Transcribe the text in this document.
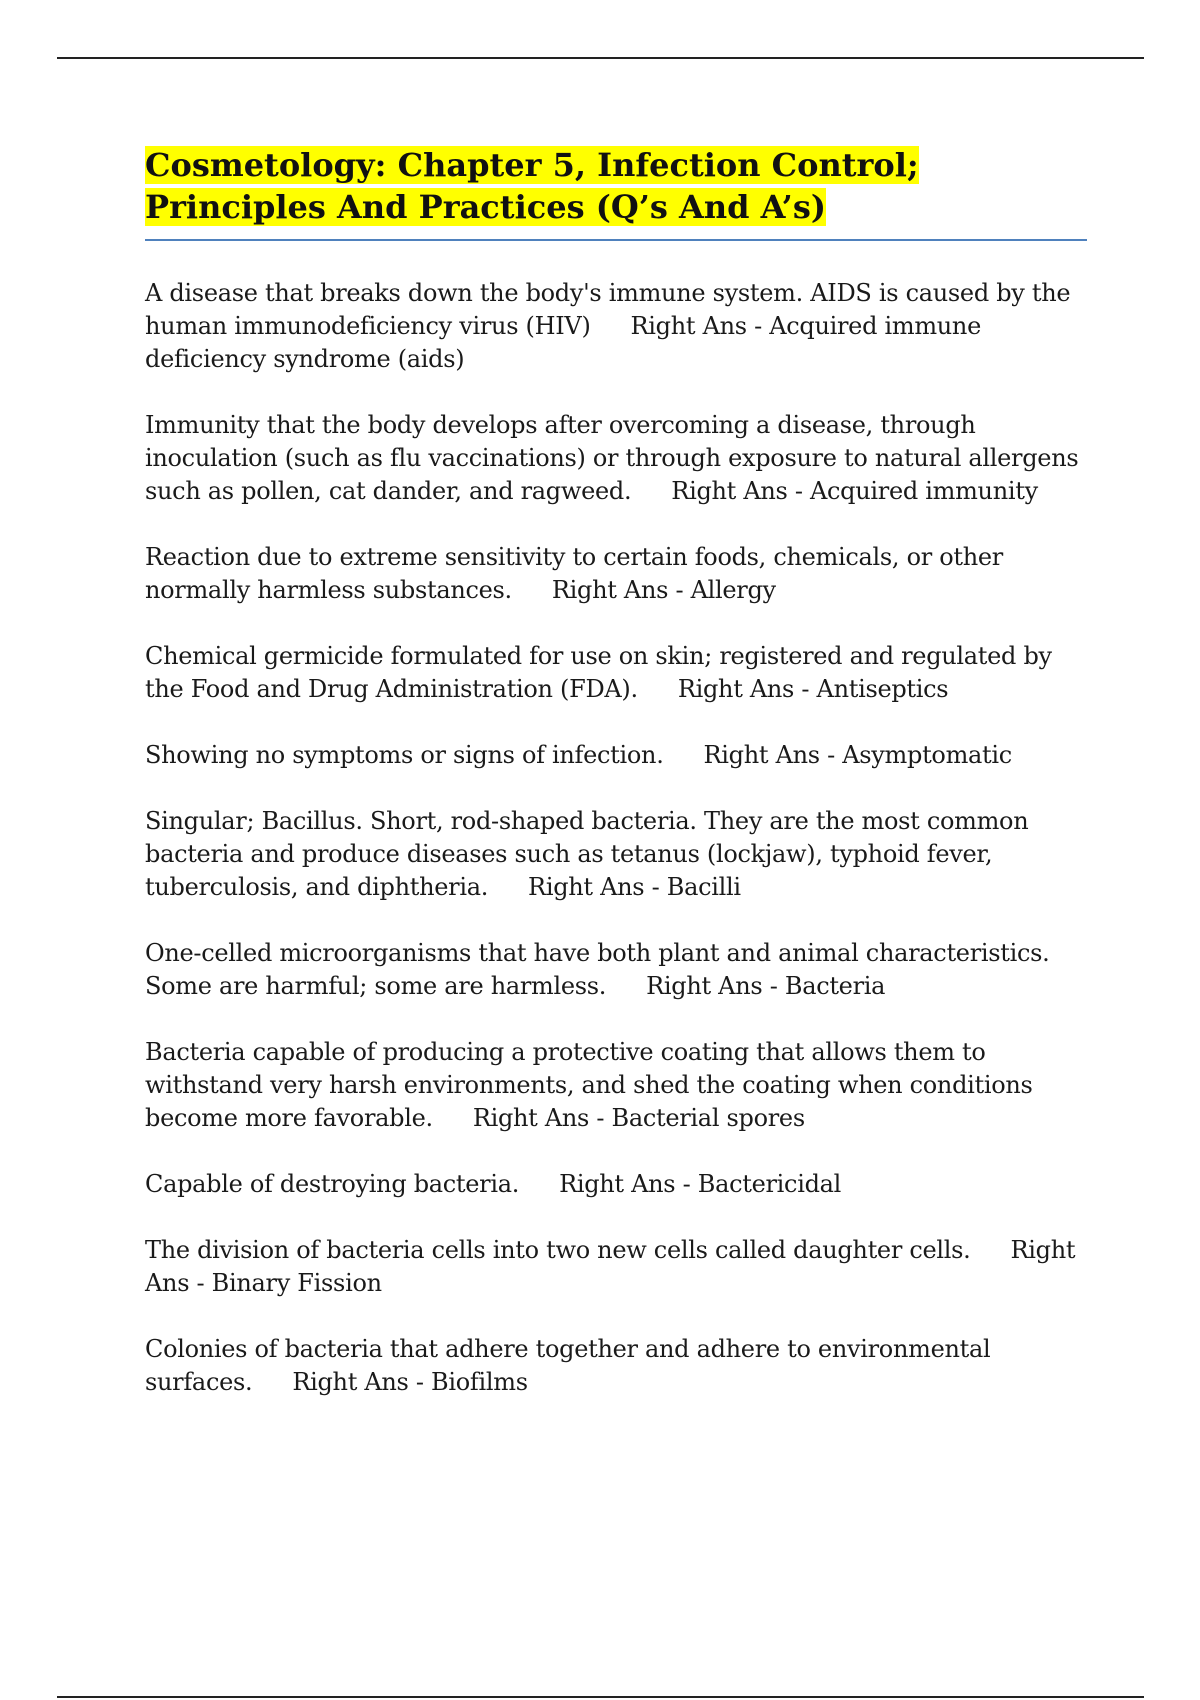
Cosmetology: Chapter 5, Infection Control; Principles And Practices (Q’s And A’s)

A disease that breaks down the body's immune system. AIDS is caused by the human immunodeficiency virus (HIV) Right Ans - Acquired immune deficiency syndrome (aids)

Immunity that the body develops after overcoming a disease, through inoculation (such as flu vaccinations) or through exposure to natural allergens such as pollen, cat dander, and ragweed. Right Ans - Acquired immunity

Reaction due to extreme sensitivity to certain foods, chemicals, or other normally harmless substances. Right Ans - Allergy

Chemical germicide formulated for use on skin; registered and regulated by the Food and Drug Administration (FDA). Right Ans - Antiseptics

Showing no symptoms or signs of infection. Right Ans - Asymptomatic

Singular; Bacillus. Short, rod-shaped bacteria. They are the most common bacteria and produce diseases such as tetanus (lockjaw), typhoid fever, tuberculosis, and diphtheria. Right Ans - Bacilli

One-celled microorganisms that have both plant and animal characteristics. Some are harmful; some are harmless. Right Ans - Bacteria

Bacteria capable of producing a protective coating that allows them to withstand very harsh environments, and shed the coating when conditions become more favorable. Right Ans - Bacterial spores

Capable of destroying bacteria. Right Ans - Bactericidal

The division of bacteria cells into two new cells called daughter cells. Right Ans - Binary Fission

Colonies of bacteria that adhere together and adhere to environmental surfaces. Right Ans - Biofilms
